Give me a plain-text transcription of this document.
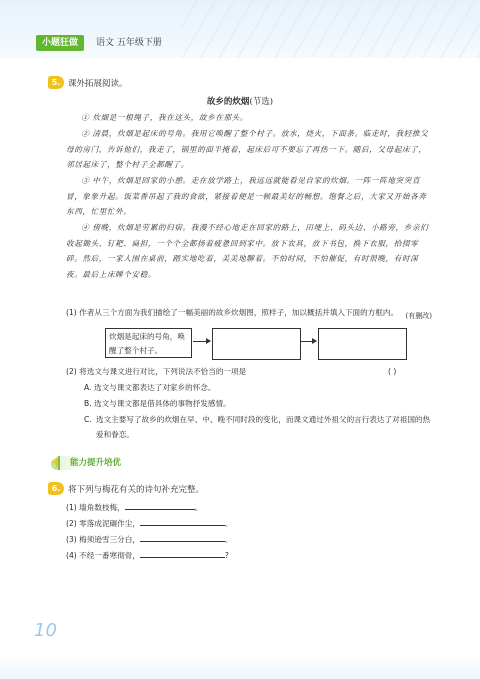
小题狂做	语文 五年级下册
5. 课外拓展阅读。
故乡的炊烟(节选)
① 炊烟是一根绳子，我在这头，故乡在那头。
② 清晨，炊烟是起床的号角。我用它唤醒了整个村子。放水，烧火，下面条。临走时，我轻推父母的房门，告诉他们，我走了，锅里的面半掩着，起床后可不要忘了再热一下。随后，父母起床了，邻居起床了，整个村子全都醒了。
③ 中午，炊烟是回家的小憩。走在放学路上，我远远就能看见自家的炊烟。一阵一阵地突突直冒，象象升起。饭菜香吊起了我的食欲，紧接着便是一顿最美好的畅想。饱餐之后，大家又开始各奔东西，忙里忙外。
④ 傍晚，炊烟是劳累的归宿。我漫不经心地走在回家的路上，田埂上、码头边、小路旁，乡亲们收起锄头、钉耙、扁担，一个个全都扬着疲惫回到家中。放下农具，放下书包，换下衣服，拾掇零碎。然后，一家人围在桌前，踏实地吃着，美美地聊着。不怕时间，不怕催促，有时很晚，有时深夜。最后上床睡个安稳。
(有删改)
(1) 作者从三个方面为我们描绘了一幅美丽的故乡炊烟图，照样子，加以概括并填入下面的方框内。
炊烟是起床的号角，唤醒了整个村子。
(2) 将选文与课文进行对比，下列说法不恰当的一项是	( )
A. 选文与课文都表达了对家乡的怀念。
B. 选文与课文都是借具体的事物抒发感情。
C. 选文主要写了故乡的炊烟在早、中、晚不同时段的变化，而课文通过外祖父的言行表达了对祖国的热爱和眷恋。
能力提升培优
6. 将下列与梅花有关的诗句补充完整。
(1) 墙角数枝梅，	。
(2) 零落成泥碾作尘，	。
(3) 梅须逊雪三分白，	。
(4) 不经一番寒彻骨，	?
10
